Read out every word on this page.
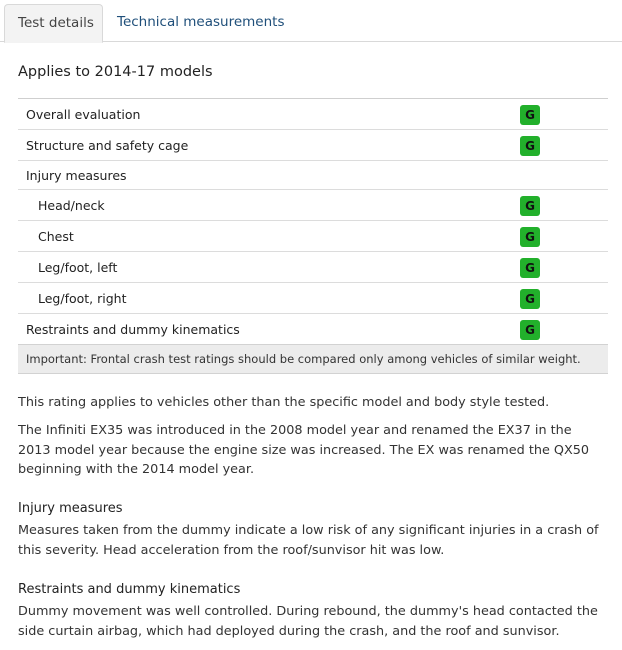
Test details	Technical measurements
Applies to 2014-17 models
Overall evaluation	G
Structure and safety cage	G
Injury measures	
Head/neck	G
Chest	G
Leg/foot, left	G
Leg/foot, right	G
Restraints and dummy kinematics	G
Important: Frontal crash test ratings should be compared only among vehicles of similar weight.	
This rating applies to vehicles other than the specific model and body style tested.
The Infiniti EX35 was introduced in the 2008 model year and renamed the EX37 in the 2013 model year because the engine size was increased. The EX was renamed the QX50 beginning with the 2014 model year.
Injury measures
Measures taken from the dummy indicate a low risk of any significant injuries in a crash of this severity. Head acceleration from the roof/sunvisor hit was low.
Restraints and dummy kinematics
Dummy movement was well controlled. During rebound, the dummy's head contacted the side curtain airbag, which had deployed during the crash, and the roof and sunvisor.
